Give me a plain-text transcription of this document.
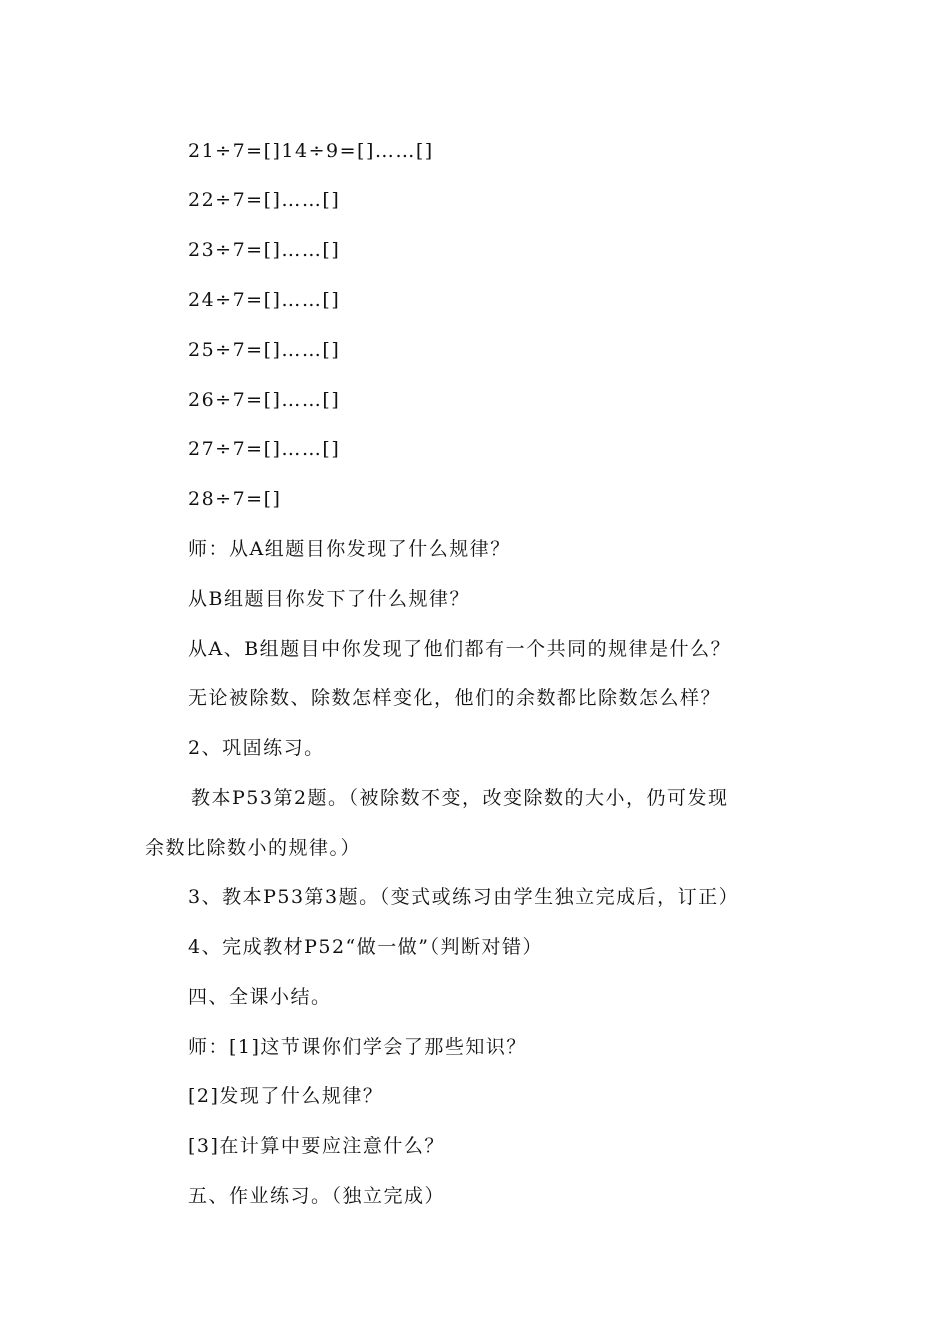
21÷7=[]14÷9=[]……[]
22÷7=[]……[]
23÷7=[]……[]
24÷7=[]……[]
25÷7=[]……[]
26÷7=[]……[]
27÷7=[]……[]
28÷7=[]
师：从A组题目你发现了什么规律？
从B组题目你发下了什么规律？
从A、B组题目中你发现了他们都有一个共同的规律是什么？
无论被除数、除数怎样变化，他们的余数都比除数怎么样？
2、巩固练习。
教本P53第2题。（被除数不变，改变除数的大小，仍可发现
余数比除数小的规律。）
3、教本P53第3题。（变式或练习由学生独立完成后，订正）
4、完成教材P52“做一做”（判断对错）
四、全课小结。
师：[1]这节课你们学会了那些知识？
[2]发现了什么规律？
[3]在计算中要应注意什么？
五、作业练习。（独立完成）
